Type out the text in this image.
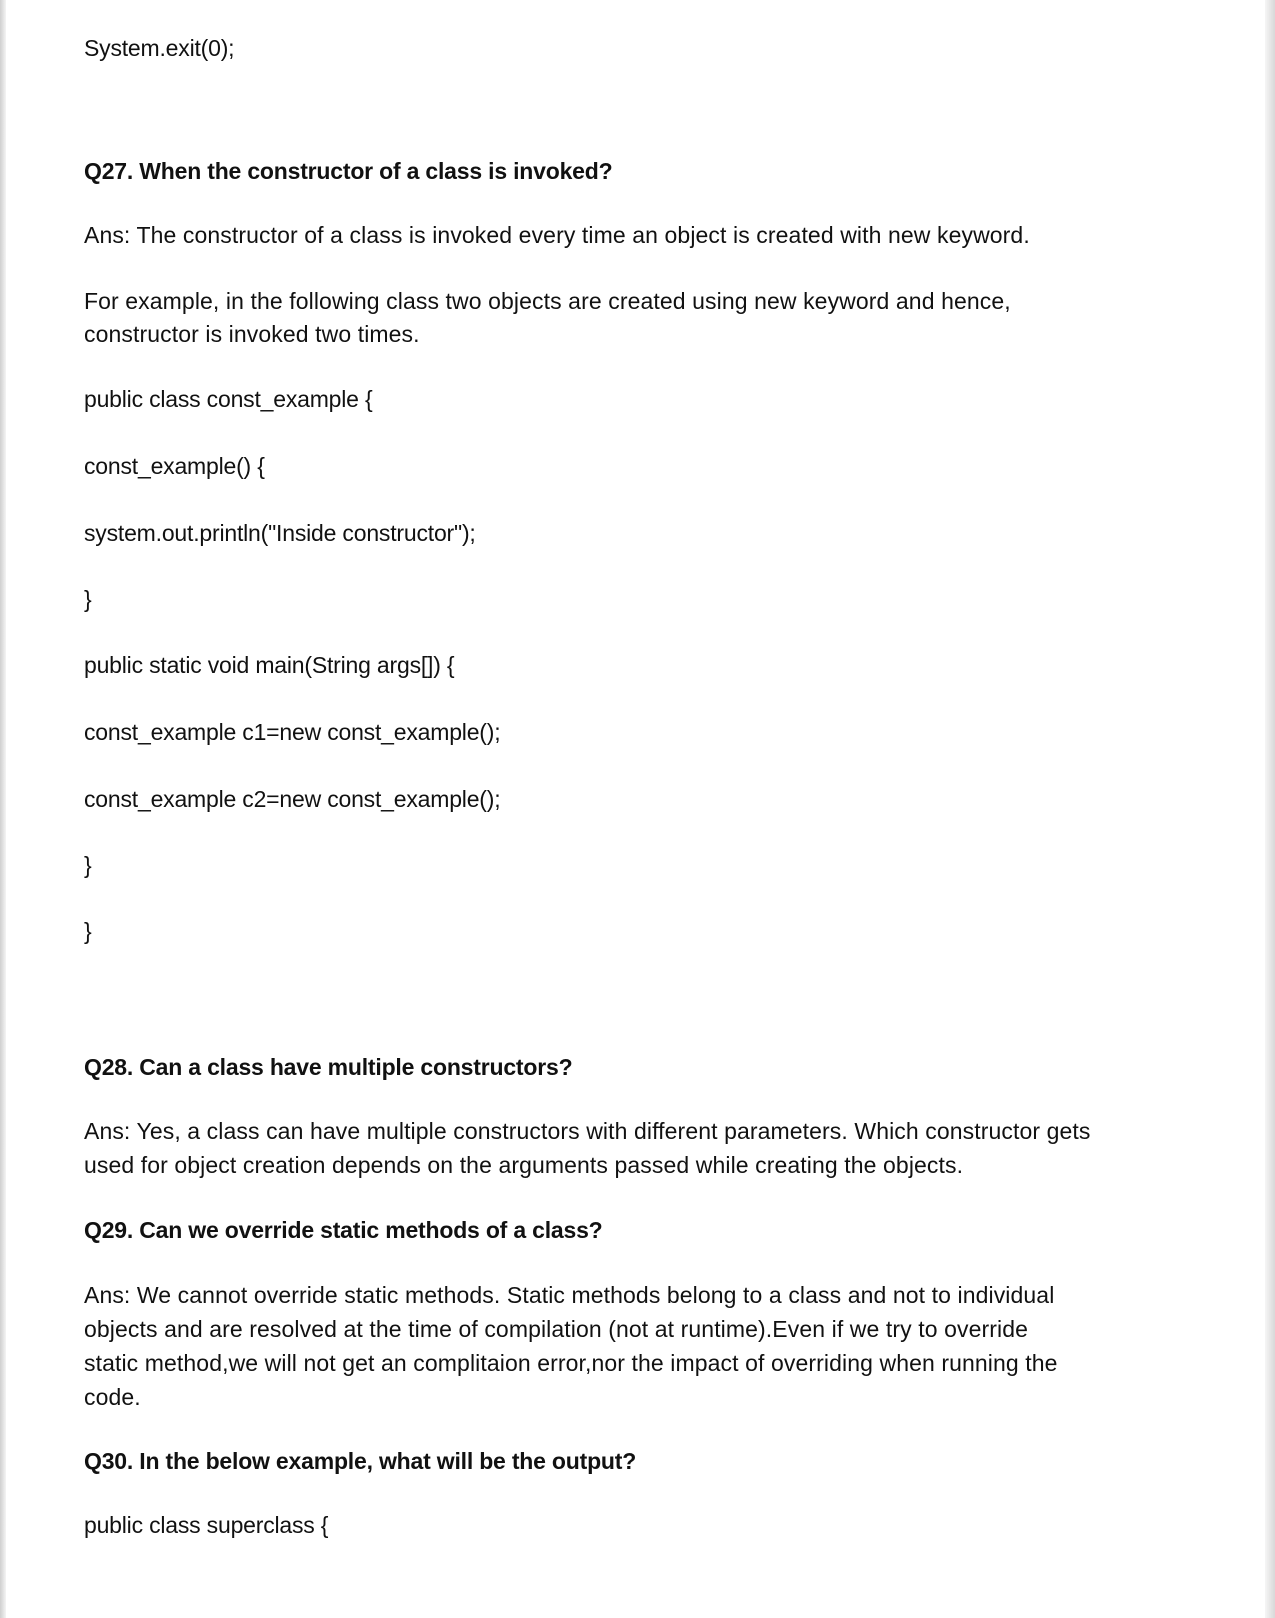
System.exit(0);

Q27. When the constructor of a class is invoked?

Ans: The constructor of a class is invoked every time an object is created with new keyword.

For example, in the following class two objects are created using new keyword and hence,

constructor is invoked two times.

public class const_example {

const_example() {

system.out.println("Inside constructor");

}

public static void main(String args[]) {

const_example c1=new const_example();

const_example c2=new const_example();

}

}

Q28. Can a class have multiple constructors?

Ans: Yes, a class can have multiple constructors with different parameters. Which constructor gets

used for object creation depends on the arguments passed while creating the objects.

Q29. Can we override static methods of a class?

Ans: We cannot override static methods. Static methods belong to a class and not to individual

objects and are resolved at the time of compilation (not at runtime).Even if we try to override

static method,we will not get an complitaion error,nor the impact of overriding when running the

code.

Q30. In the below example, what will be the output?

public class superclass {
